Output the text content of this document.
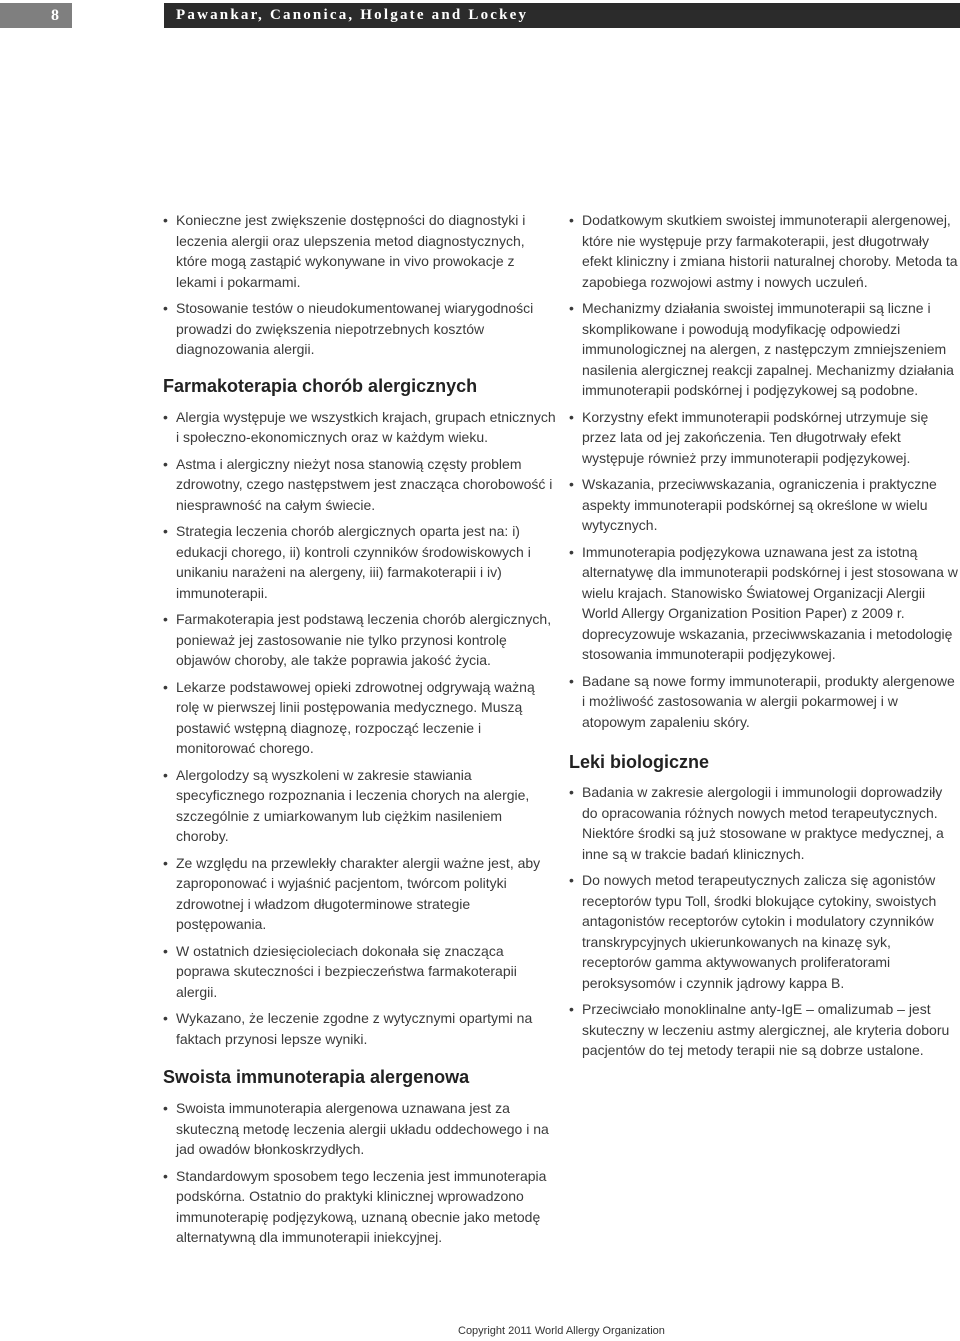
8	Pawankar, Canonica, Holgate and Lockey
• Konieczne jest zwiększenie dostępności do diagnostyki i leczenia alergii oraz ulepszenia metod diagnostycznych, które mogą zastąpić wykonywane in vivo prowokacje z lekami i pokarmami.
• Stosowanie testów o nieudokumentowanej wiarygodności prowadzi do zwiększenia niepotrzebnych kosztów diagnozowania alergii.
Farmakoterapia chorób alergicznych
• Alergia występuje we wszystkich krajach, grupach etnicznych i społeczno-ekonomicznych oraz w każdym wieku.
• Astma i alergiczny nieżyt nosa stanowią częsty problem zdrowotny, czego następstwem jest znacząca chorobowość i niesprawność na całym świecie.
• Strategia leczenia chorób alergicznych oparta jest na: i) edukacji chorego, ii) kontroli czynników środowiskowych i unikaniu narażeni na alergeny, iii) farmakoterapii i iv) immunoterapii.
• Farmakoterapia jest podstawą leczenia chorób alergicznych, ponieważ jej zastosowanie nie tylko przynosi kontrolę objawów choroby, ale także poprawia jakość życia.
• Lekarze podstawowej opieki zdrowotnej odgrywają ważną rolę w pierwszej linii postępowania medycznego. Muszą postawić wstępną diagnozę, rozpocząć leczenie i monitorować chorego.
• Alergolodzy są wyszkoleni w zakresie stawiania specyficznego rozpoznania i leczenia chorych na alergie, szczególnie z umiarkowanym lub ciężkim nasileniem choroby.
• Ze względu na przewlekły charakter alergii ważne jest, aby zaproponować i wyjaśnić pacjentom, twórcom polityki zdrowotnej i władzom długoterminowe strategie postępowania.
• W ostatnich dziesięcioleciach dokonała się znacząca poprawa skuteczności i bezpieczeństwa farmakoterapii alergii.
• Wykazano, że leczenie zgodne z wytycznymi opartymi na faktach przynosi lepsze wyniki.
Swoista immunoterapia alergenowa
• Swoista immunoterapia alergenowa uznawana jest za skuteczną metodę leczenia alergii układu oddechowego i na jad owadów błonkoskrzydłych.
• Standardowym sposobem tego leczenia jest immunoterapia podskórna. Ostatnio do praktyki klinicznej wprowadzono immunoterapię podjęzykową, uznaną obecnie jako metodę alternatywną dla immunoterapii iniekcyjnej.
• Dodatkowym skutkiem swoistej immunoterapii alergenowej, które nie występuje przy farmakoterapii, jest długotrwały efekt kliniczny i zmiana historii naturalnej choroby. Metoda ta zapobiega rozwojowi astmy i nowych uczuleń.
• Mechanizmy działania swoistej immunoterapii są liczne i skomplikowane i powodują modyfikację odpowiedzi immunologicznej na alergen, z następczym zmniejszeniem nasilenia alergicznej reakcji zapalnej. Mechanizmy działania immunoterapii podskórnej i podjęzykowej są podobne.
• Korzystny efekt immunoterapii podskórnej utrzymuje się przez lata od jej zakończenia. Ten długotrwały efekt występuje również przy immunoterapii podjęzykowej.
• Wskazania, przeciwwskazania, ograniczenia i praktyczne aspekty immunoterapii podskórnej są określone w wielu wytycznych.
• Immunoterapia podjęzykowa uznawana jest za istotną alternatywę dla immunoterapii podskórnej i jest stosowana w wielu krajach. Stanowisko Światowej Organizacji Alergii World Allergy Organization Position Paper) z 2009 r. doprecyzowuje wskazania, przeciwwskazania i metodologię stosowania immunoterapii podjęzykowej.
• Badane są nowe formy immunoterapii, produkty alergenowe i możliwość zastosowania w alergii pokarmowej i w atopowym zapaleniu skóry.
Leki biologiczne
• Badania w zakresie alergologii i immunologii doprowadziły do opracowania różnych nowych metod terapeutycznych. Niektóre środki są już stosowane w praktyce medycznej, a inne są w trakcie badań klinicznych.
• Do nowych metod terapeutycznych zalicza się agonistów receptorów typu Toll, środki blokujące cytokiny, swoistych antagonistów receptorów cytokin i modulatory czynników transkrypcyjnych ukierunkowanych na kinazę syk, receptorów gamma aktywowanych proliferatorami peroksysomów i czynnik jądrowy kappa B.
• Przeciwciało monoklinalne anty-IgE – omalizumab – jest skuteczny w leczeniu astmy alergicznej, ale kryteria doboru pacjentów do tej metody terapii nie są dobrze ustalone.
Copyright 2011 World Allergy Organization
